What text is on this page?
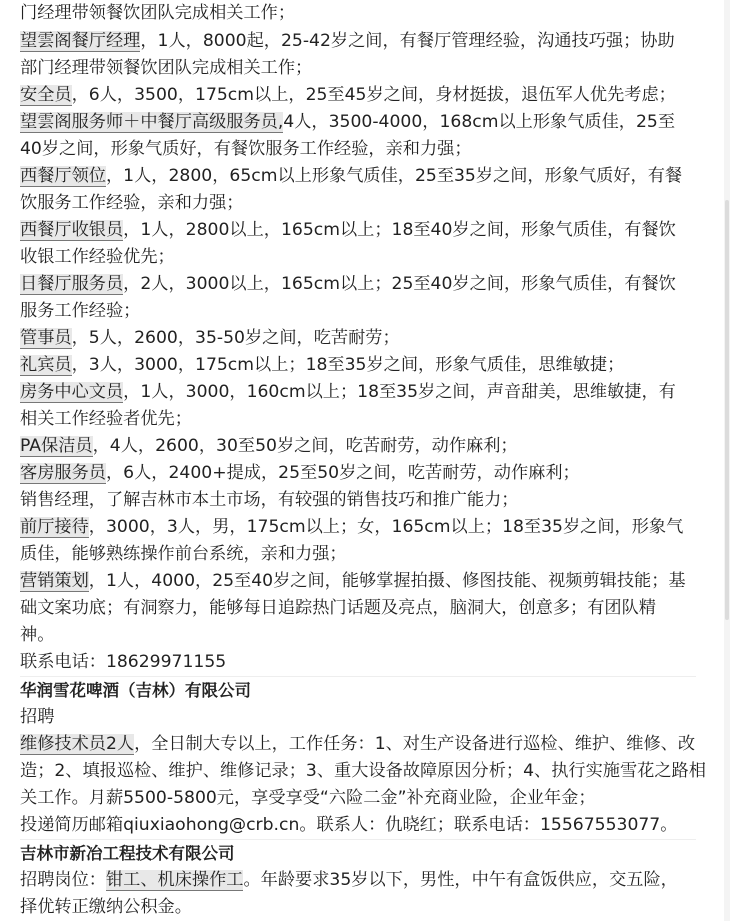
门经理带领餐饮团队完成相关工作；
望雲阁餐厅经理，1人，8000起，25-42岁之间，有餐厅管理经验，沟通技巧强；协助
部门经理带领餐饮团队完成相关工作；
安全员，6人，3500，175cm以上，25至45岁之间，身材挺拔，退伍军人优先考虑；
望雲阁服务师＋中餐厅高级服务员,4人，3500-4000，168cm以上形象气质佳，25至
40岁之间，形象气质好，有餐饮服务工作经验，亲和力强；
西餐厅领位，1人，2800，65cm以上形象气质佳，25至35岁之间，形象气质好，有餐
饮服务工作经验，亲和力强；
西餐厅收银员，1人，2800以上，165cm以上；18至40岁之间，形象气质佳，有餐饮
收银工作经验优先；
日餐厅服务员，2人，3000以上，165cm以上；25至40岁之间，形象气质佳，有餐饮
服务工作经验；
管事员，5人，2600，35-50岁之间，吃苦耐劳；
礼宾员，3人，3000，175cm以上；18至35岁之间，形象气质佳，思维敏捷；
房务中心文员，1人，3000，160cm以上；18至35岁之间，声音甜美，思维敏捷，有
相关工作经验者优先；
PA保洁员，4人，2600，30至50岁之间，吃苦耐劳，动作麻利；
客房服务员，6人，2400+提成，25至50岁之间，吃苦耐劳，动作麻利；
销售经理，了解吉林市本土市场，有较强的销售技巧和推广能力；
前厅接待，3000，3人，男，175cm以上；女，165cm以上；18至35岁之间，形象气
质佳，能够熟练操作前台系统，亲和力强；
营销策划，1人，4000，25至40岁之间，能够掌握拍摄、修图技能、视频剪辑技能；基
础文案功底；有洞察力，能够每日追踪热门话题及亮点，脑洞大，创意多；有团队精
神。
联系电话：18629971155
华润雪花啤酒（吉林）有限公司
招聘
维修技术员2人，全日制大专以上，工作任务：1、对生产设备进行巡检、维护、维修、改
造；2、填报巡检、维护、维修记录；3、重大设备故障原因分析；4、执行实施雪花之路相
关工作。月薪5500-5800元，享受享受“六险二金”补充商业险，企业年金；
投递简历邮箱qiuxiaohong@crb.cn。联系人：仇晓红；联系电话：15567553077。
吉林市新冶工程技术有限公司
招聘岗位：钳工、机床操作工。年龄要求35岁以下，男性，中午有盒饭供应，交五险，
择优转正缴纳公积金。
